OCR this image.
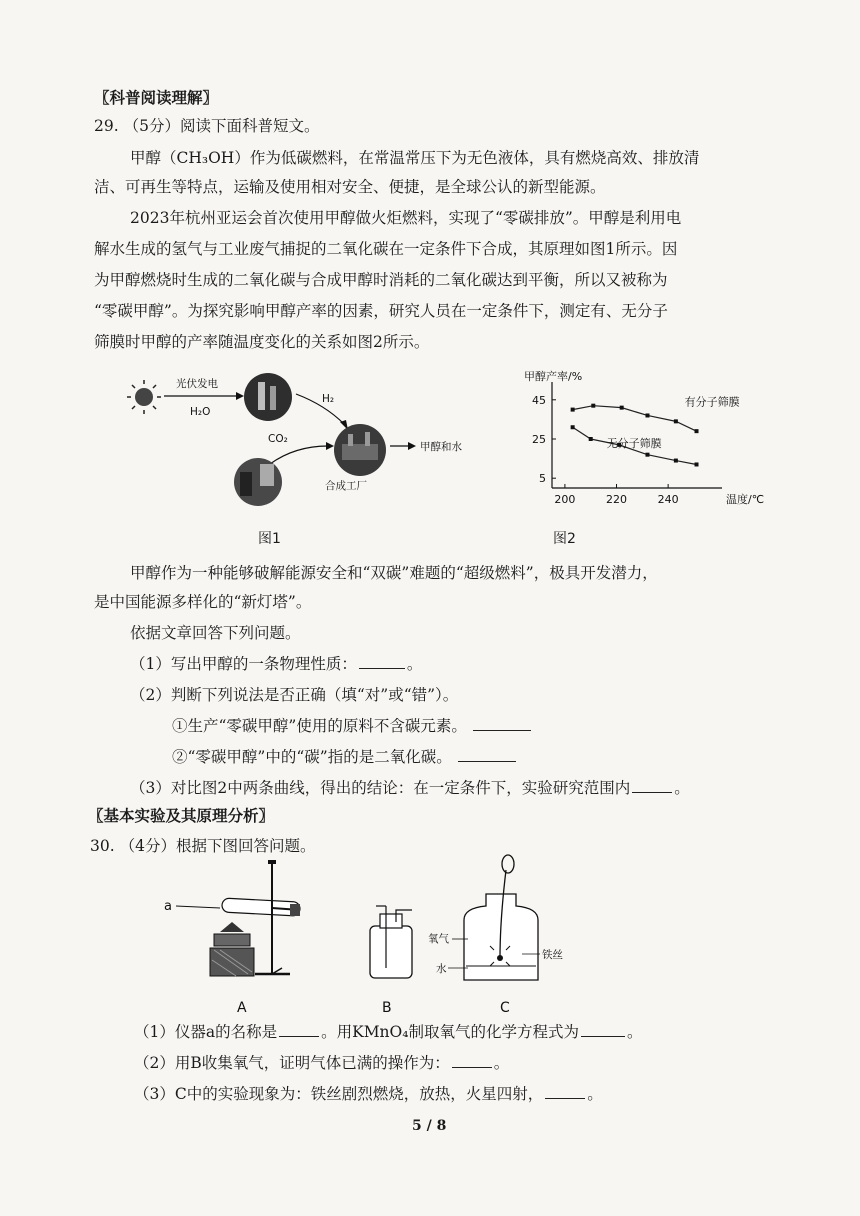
〖科普阅读理解〗
29. （5分）阅读下面科普短文。
甲醇（CH₃OH）作为低碳燃料，在常温常压下为无色液体，具有燃烧高效、排放清
洁、可再生等特点，运输及使用相对安全、便捷，是全球公认的新型能源。
2023年杭州亚运会首次使用甲醇做火炬燃料，实现了“零碳排放”。甲醇是利用电
解水生成的氢气与工业废气捕捉的二氧化碳在一定条件下合成，其原理如图1所示。因
为甲醇燃烧时生成的二氧化碳与合成甲醇时消耗的二氧化碳达到平衡，所以又被称为
“零碳甲醇”。为探究影响甲醇产率的因素，研究人员在一定条件下，测定有、无分子
筛膜时甲醇的产率随温度变化的关系如图2所示。
光伏发电
H₂O
H₂
合成工厂
CO₂
甲醇和水
图1
甲醇产率/%
温度/℃
5
25
45
200	220	240
有分子筛膜
无分子筛膜
图2
甲醇作为一种能够破解能源安全和“双碳”难题的“超级燃料”，极具开发潜力，
是中国能源多样化的“新灯塔”。
依据文章回答下列问题。
（1）写出甲醇的一条物理性质：	。
（2）判断下列说法是否正确（填“对”或“错”）。
①生产“零碳甲醇”使用的原料不含碳元素。
②“零碳甲醇”中的“碳”指的是二氧化碳。
（3）对比图2中两条曲线，得出的结论：在一定条件下，实验研究范围内	。
〖基本实验及其原理分析〗
30. （4分）根据下图回答问题。
a
A	B
氧气
铁丝
水
C
（1）仪器a的名称是	。用KMnO₄制取氧气的化学方程式为	。
（2）用B收集氧气，证明气体已满的操作为：	。
（3）C中的实验现象为：铁丝剧烈燃烧，放热，火星四射，	。
5 / 8
